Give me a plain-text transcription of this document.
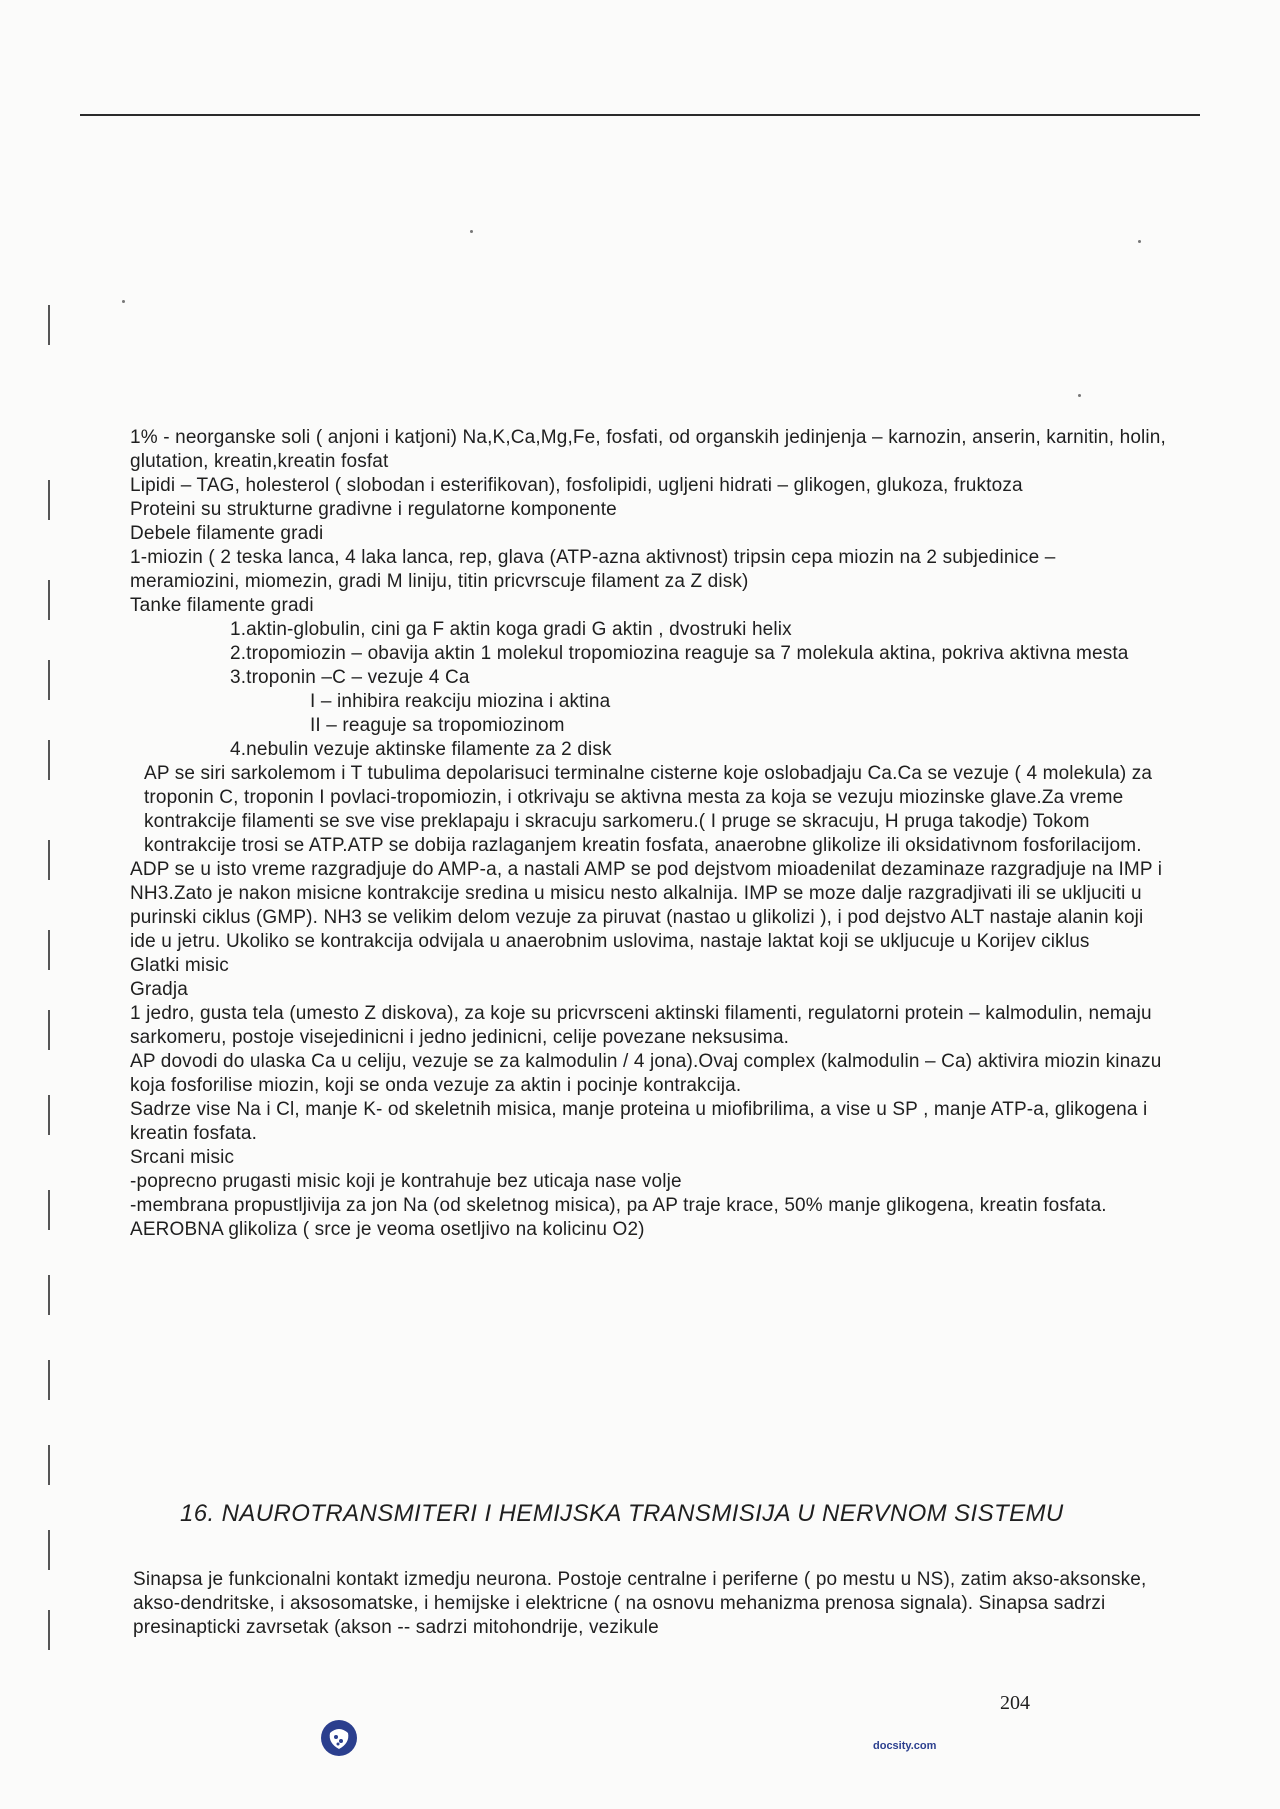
1% - neorganske soli ( anjoni i katjoni) Na,K,Ca,Mg,Fe, fosfati, od organskih jedinjenja – karnozin, anserin, karnitin, holin, glutation, kreatin,kreatin fosfat

Lipidi – TAG, holesterol ( slobodan i esterifikovan), fosfolipidi, ugljeni hidrati – glikogen, glukoza, fruktoza

Proteini su strukturne gradivne i regulatorne komponente

Debele filamente gradi

1-miozin ( 2 teska lanca, 4 laka lanca, rep, glava (ATP-azna aktivnost) tripsin cepa miozin na 2 subjedinice – meramiozini, miomezin, gradi M liniju, titin pricvrscuje filament za Z disk)

Tanke filamente gradi

1.aktin-globulin, cini ga F aktin koga gradi G aktin , dvostruki helix

2.tropomiozin – obavija aktin 1 molekul tropomiozina reaguje sa 7 molekula aktina, pokriva aktivna mesta

3.troponin –C – vezuje 4 Ca

I – inhibira reakciju miozina i aktina

II – reaguje sa tropomiozinom

4.nebulin vezuje aktinske filamente za 2 disk

AP se siri sarkolemom i T tubulima depolarisuci terminalne cisterne koje oslobadjaju Ca.Ca se vezuje ( 4 molekula) za troponin C, troponin I povlaci-tropomiozin, i otkrivaju se aktivna mesta za koja se vezuju miozinske glave.Za vreme kontrakcije filamenti se sve vise preklapaju i skracuju sarkomeru.( I pruge se skracuju, H pruga takodje) Tokom kontrakcije trosi se ATP.ATP se dobija razlaganjem kreatin fosfata, anaerobne glikolize ili oksidativnom fosforilacijom.

ADP se u isto vreme razgradjuje do AMP-a, a nastali AMP se pod dejstvom mioadenilat dezaminaze razgradjuje na IMP i NH3.Zato je nakon misicne kontrakcije sredina u misicu nesto alkalnija. IMP se moze dalje razgradjivati ili se ukljuciti u purinski ciklus (GMP). NH3 se velikim delom vezuje za piruvat (nastao u glikolizi ), i pod dejstvo ALT nastaje alanin koji ide u jetru. Ukoliko se kontrakcija odvijala u anaerobnim uslovima, nastaje laktat koji se ukljucuje u Korijev ciklus

Glatki misic

Gradja

1 jedro, gusta tela (umesto Z diskova), za koje su pricvrsceni aktinski filamenti, regulatorni protein – kalmodulin, nemaju sarkomeru, postoje visejedinicni i jedno jedinicni, celije povezane neksusima.

AP dovodi do ulaska Ca u celiju, vezuje se za kalmodulin / 4 jona).Ovaj complex (kalmodulin – Ca) aktivira miozin kinazu koja fosforilise miozin, koji se onda vezuje za aktin i pocinje kontrakcija.

Sadrze vise Na i Cl, manje K- od skeletnih misica, manje proteina u miofibrilima, a vise u SP , manje ATP-a, glikogena i kreatin fosfata.

Srcani misic

-poprecno prugasti misic koji je kontrahuje bez uticaja nase volje

-membrana propustljivija za jon Na (od skeletnog misica), pa AP traje krace, 50% manje glikogena, kreatin fosfata.

AEROBNA glikoliza ( srce je veoma osetljivo na kolicinu O2)

16. NAUROTRANSMITERI I HEMIJSKA TRANSMISIJA U NERVNOM SISTEMU

Sinapsa je funkcionalni kontakt izmedju neurona. Postoje centralne i periferne ( po mestu u NS), zatim akso-aksonske, akso-dendritske, i aksosomatske, i hemijske i elektricne ( na osnovu mehanizma prenosa signala). Sinapsa sadrzi presinapticki zavrsetak (akson -- sadrzi mitohondrije, vezikule

204
docsity.com
